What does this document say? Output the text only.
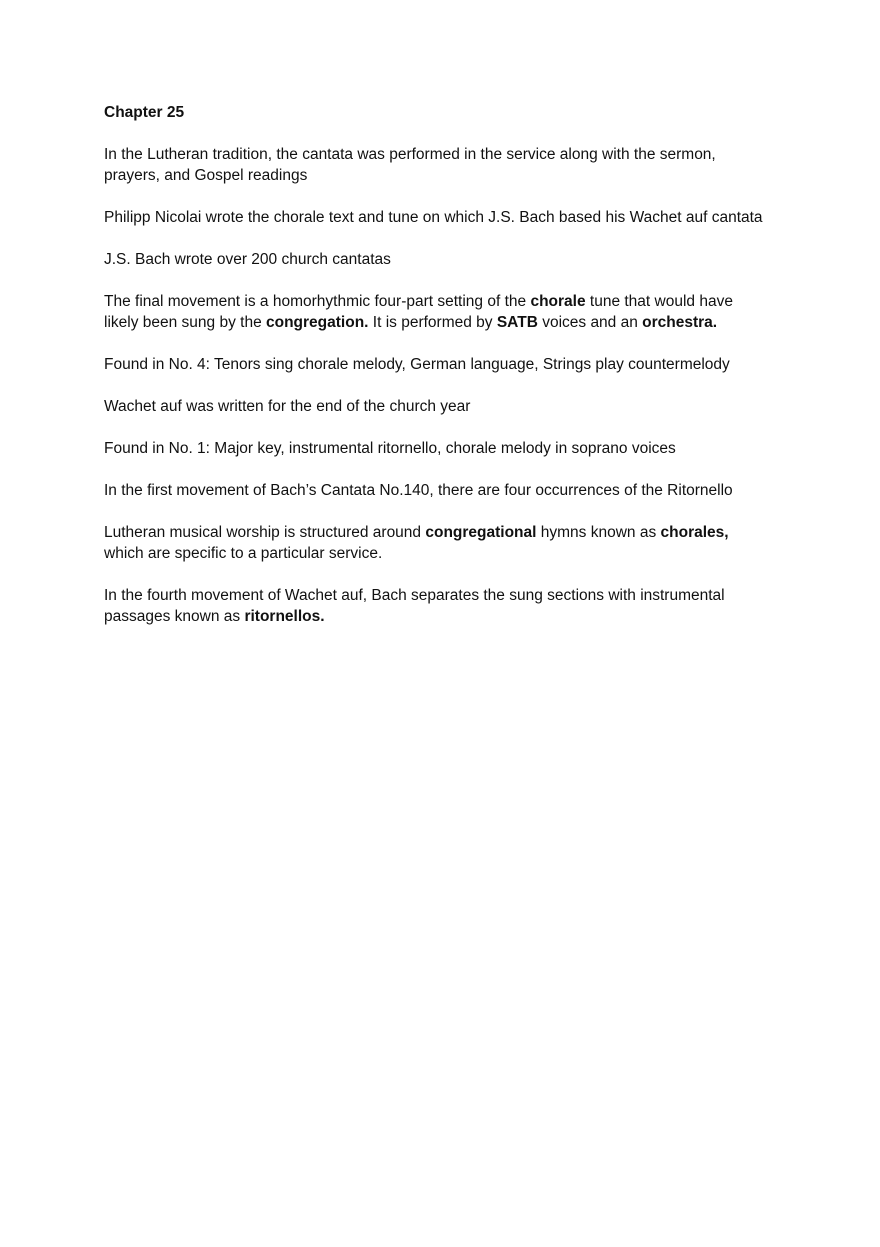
Chapter 25
In the Lutheran tradition, the cantata was performed in the service along with the sermon,
prayers, and Gospel readings
Philipp Nicolai wrote the chorale text and tune on which J.S. Bach based his Wachet auf cantata
J.S. Bach wrote over 200 church cantatas
The final movement is a homorhythmic four-part setting of the chorale tune that would have
likely been sung by the congregation. It is performed by SATB voices and an orchestra.
Found in No. 4: Tenors sing chorale melody, German language, Strings play countermelody
Wachet auf was written for the end of the church year
Found in No. 1: Major key, instrumental ritornello, chorale melody in soprano voices
In the first movement of Bach’s Cantata No.140, there are four occurrences of the Ritornello
Lutheran musical worship is structured around congregational hymns known as chorales,
which are specific to a particular service.
In the fourth movement of Wachet auf, Bach separates the sung sections with instrumental
passages known as ritornellos.
